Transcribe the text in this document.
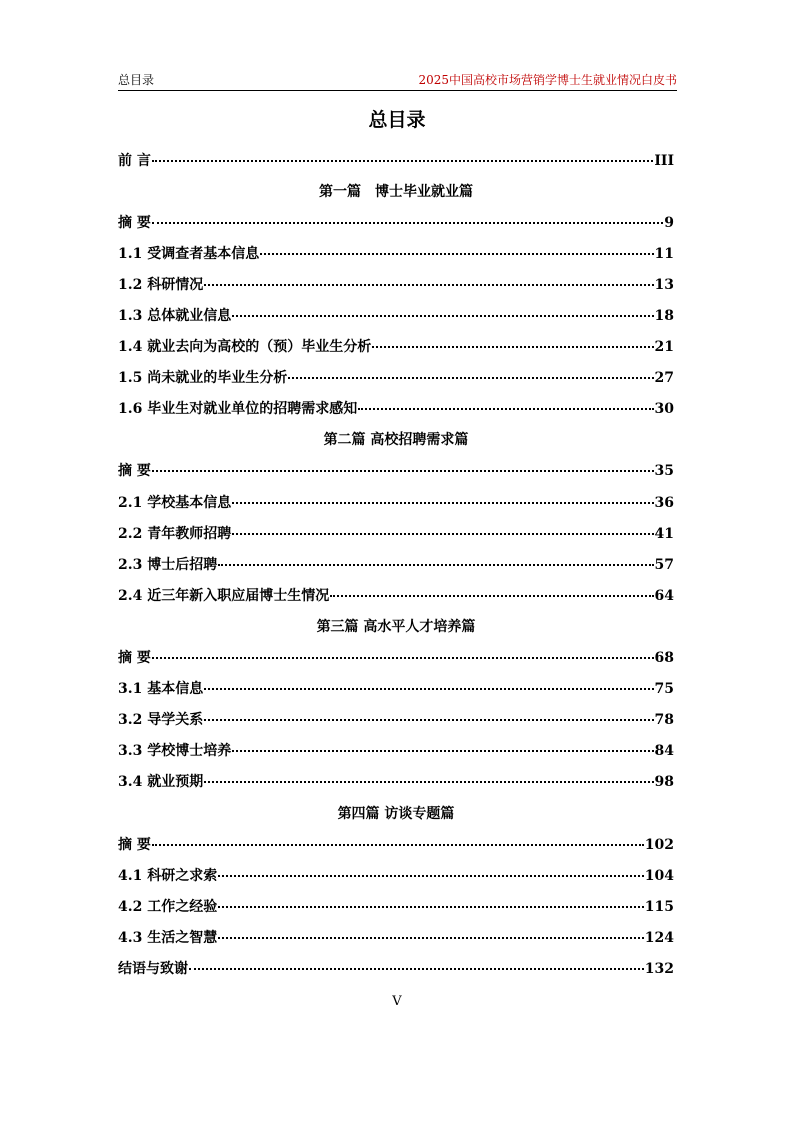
总目录	2025中国高校市场营销学博士生就业情况白皮书
总目录
前 言	III
第一篇　博士毕业就业篇
摘 要	9
1.1 受调查者基本信息	11
1.2 科研情况	13
1.3 总体就业信息	18
1.4 就业去向为高校的（预）毕业生分析	21
1.5 尚未就业的毕业生分析	27
1.6 毕业生对就业单位的招聘需求感知	30
第二篇 高校招聘需求篇
摘 要	35
2.1 学校基本信息	36
2.2 青年教师招聘	41
2.3 博士后招聘	57
2.4 近三年新入职应届博士生情况	64
第三篇 高水平人才培养篇
摘 要	68
3.1 基本信息	75
3.2 导学关系	78
3.3 学校博士培养	84
3.4 就业预期	98
第四篇 访谈专题篇
摘 要	102
4.1 科研之求索	104
4.2 工作之经验	115
4.3 生活之智慧	124
结语与致谢	132
V
